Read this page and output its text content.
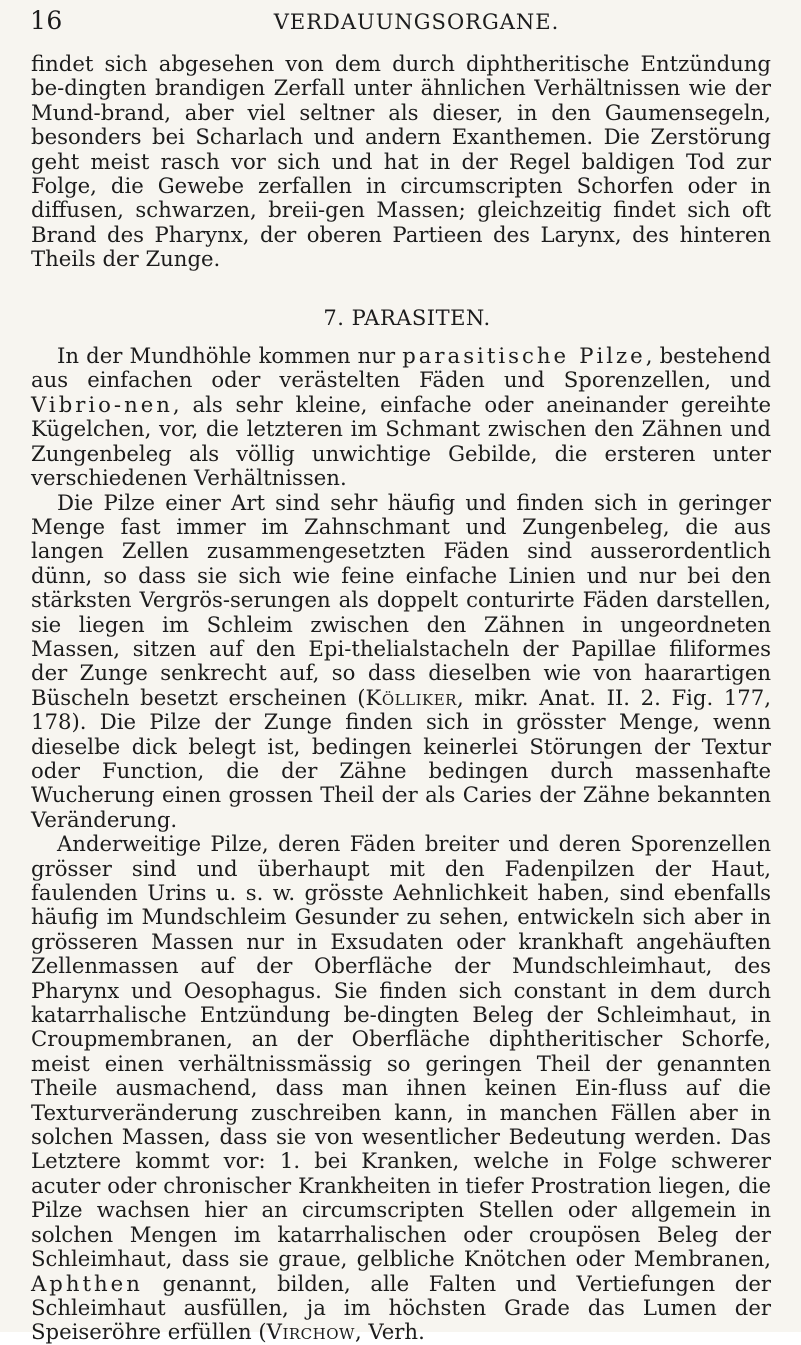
16	VERDAUUNGSORGANE.

findet sich abgesehen von dem durch diphtheritische Entzündung be-dingten brandigen Zerfall unter ähnlichen Verhältnissen wie der Mund-brand, aber viel seltner als dieser, in den Gaumensegeln, besonders bei Scharlach und andern Exanthemen. Die Zerstörung geht meist rasch vor sich und hat in der Regel baldigen Tod zur Folge, die Gewebe zerfallen in circumscripten Schorfen oder in diffusen, schwarzen, breii-gen Massen; gleichzeitig findet sich oft Brand des Pharynx, der oberen Partieen des Larynx, des hinteren Theils der Zunge.

7. PARASITEN.

In der Mundhöhle kommen nur parasitische Pilze, bestehend aus einfachen oder verästelten Fäden und Sporenzellen, und Vibrio-nen, als sehr kleine, einfache oder aneinander gereihte Kügelchen, vor, die letzteren im Schmant zwischen den Zähnen und Zungenbeleg als völlig unwichtige Gebilde, die ersteren unter verschiedenen Verhältnissen.

Die Pilze einer Art sind sehr häufig und finden sich in geringer Menge fast immer im Zahnschmant und Zungenbeleg, die aus langen Zellen zusammengesetzten Fäden sind ausserordentlich dünn, so dass sie sich wie feine einfache Linien und nur bei den stärksten Vergrös-serungen als doppelt conturirte Fäden darstellen, sie liegen im Schleim zwischen den Zähnen in ungeordneten Massen, sitzen auf den Epi-thelialstacheln der Papillae filiformes der Zunge senkrecht auf, so dass dieselben wie von haarartigen Büscheln besetzt erscheinen (Kölliker, mikr. Anat. II. 2. Fig. 177, 178). Die Pilze der Zunge finden sich in grösster Menge, wenn dieselbe dick belegt ist, bedingen keinerlei Störungen der Textur oder Function, die der Zähne bedingen durch massenhafte Wucherung einen grossen Theil der als Caries der Zähne bekannten Veränderung.

Anderweitige Pilze, deren Fäden breiter und deren Sporenzellen grösser sind und überhaupt mit den Fadenpilzen der Haut, faulenden Urins u. s. w. grösste Aehnlichkeit haben, sind ebenfalls häufig im Mundschleim Gesunder zu sehen, entwickeln sich aber in grösseren Massen nur in Exsudaten oder krankhaft angehäuften Zellenmassen auf der Oberfläche der Mundschleimhaut, des Pharynx und Oesophagus. Sie finden sich constant in dem durch katarrhalische Entzündung be-dingten Beleg der Schleimhaut, in Croupmembranen, an der Oberfläche diphtheritischer Schorfe, meist einen verhältnissmässig so geringen Theil der genannten Theile ausmachend, dass man ihnen keinen Ein-fluss auf die Texturveränderung zuschreiben kann, in manchen Fällen aber in solchen Massen, dass sie von wesentlicher Bedeutung werden. Das Letztere kommt vor: 1. bei Kranken, welche in Folge schwerer acuter oder chronischer Krankheiten in tiefer Prostration liegen, die Pilze wachsen hier an circumscripten Stellen oder allgemein in solchen Mengen im katarrhalischen oder croupösen Beleg der Schleimhaut, dass sie graue, gelbliche Knötchen oder Membranen, Aphthen genannt, bilden, alle Falten und Vertiefungen der Schleimhaut ausfüllen, ja im höchsten Grade das Lumen der Speiseröhre erfüllen (Virchow, Verh.
